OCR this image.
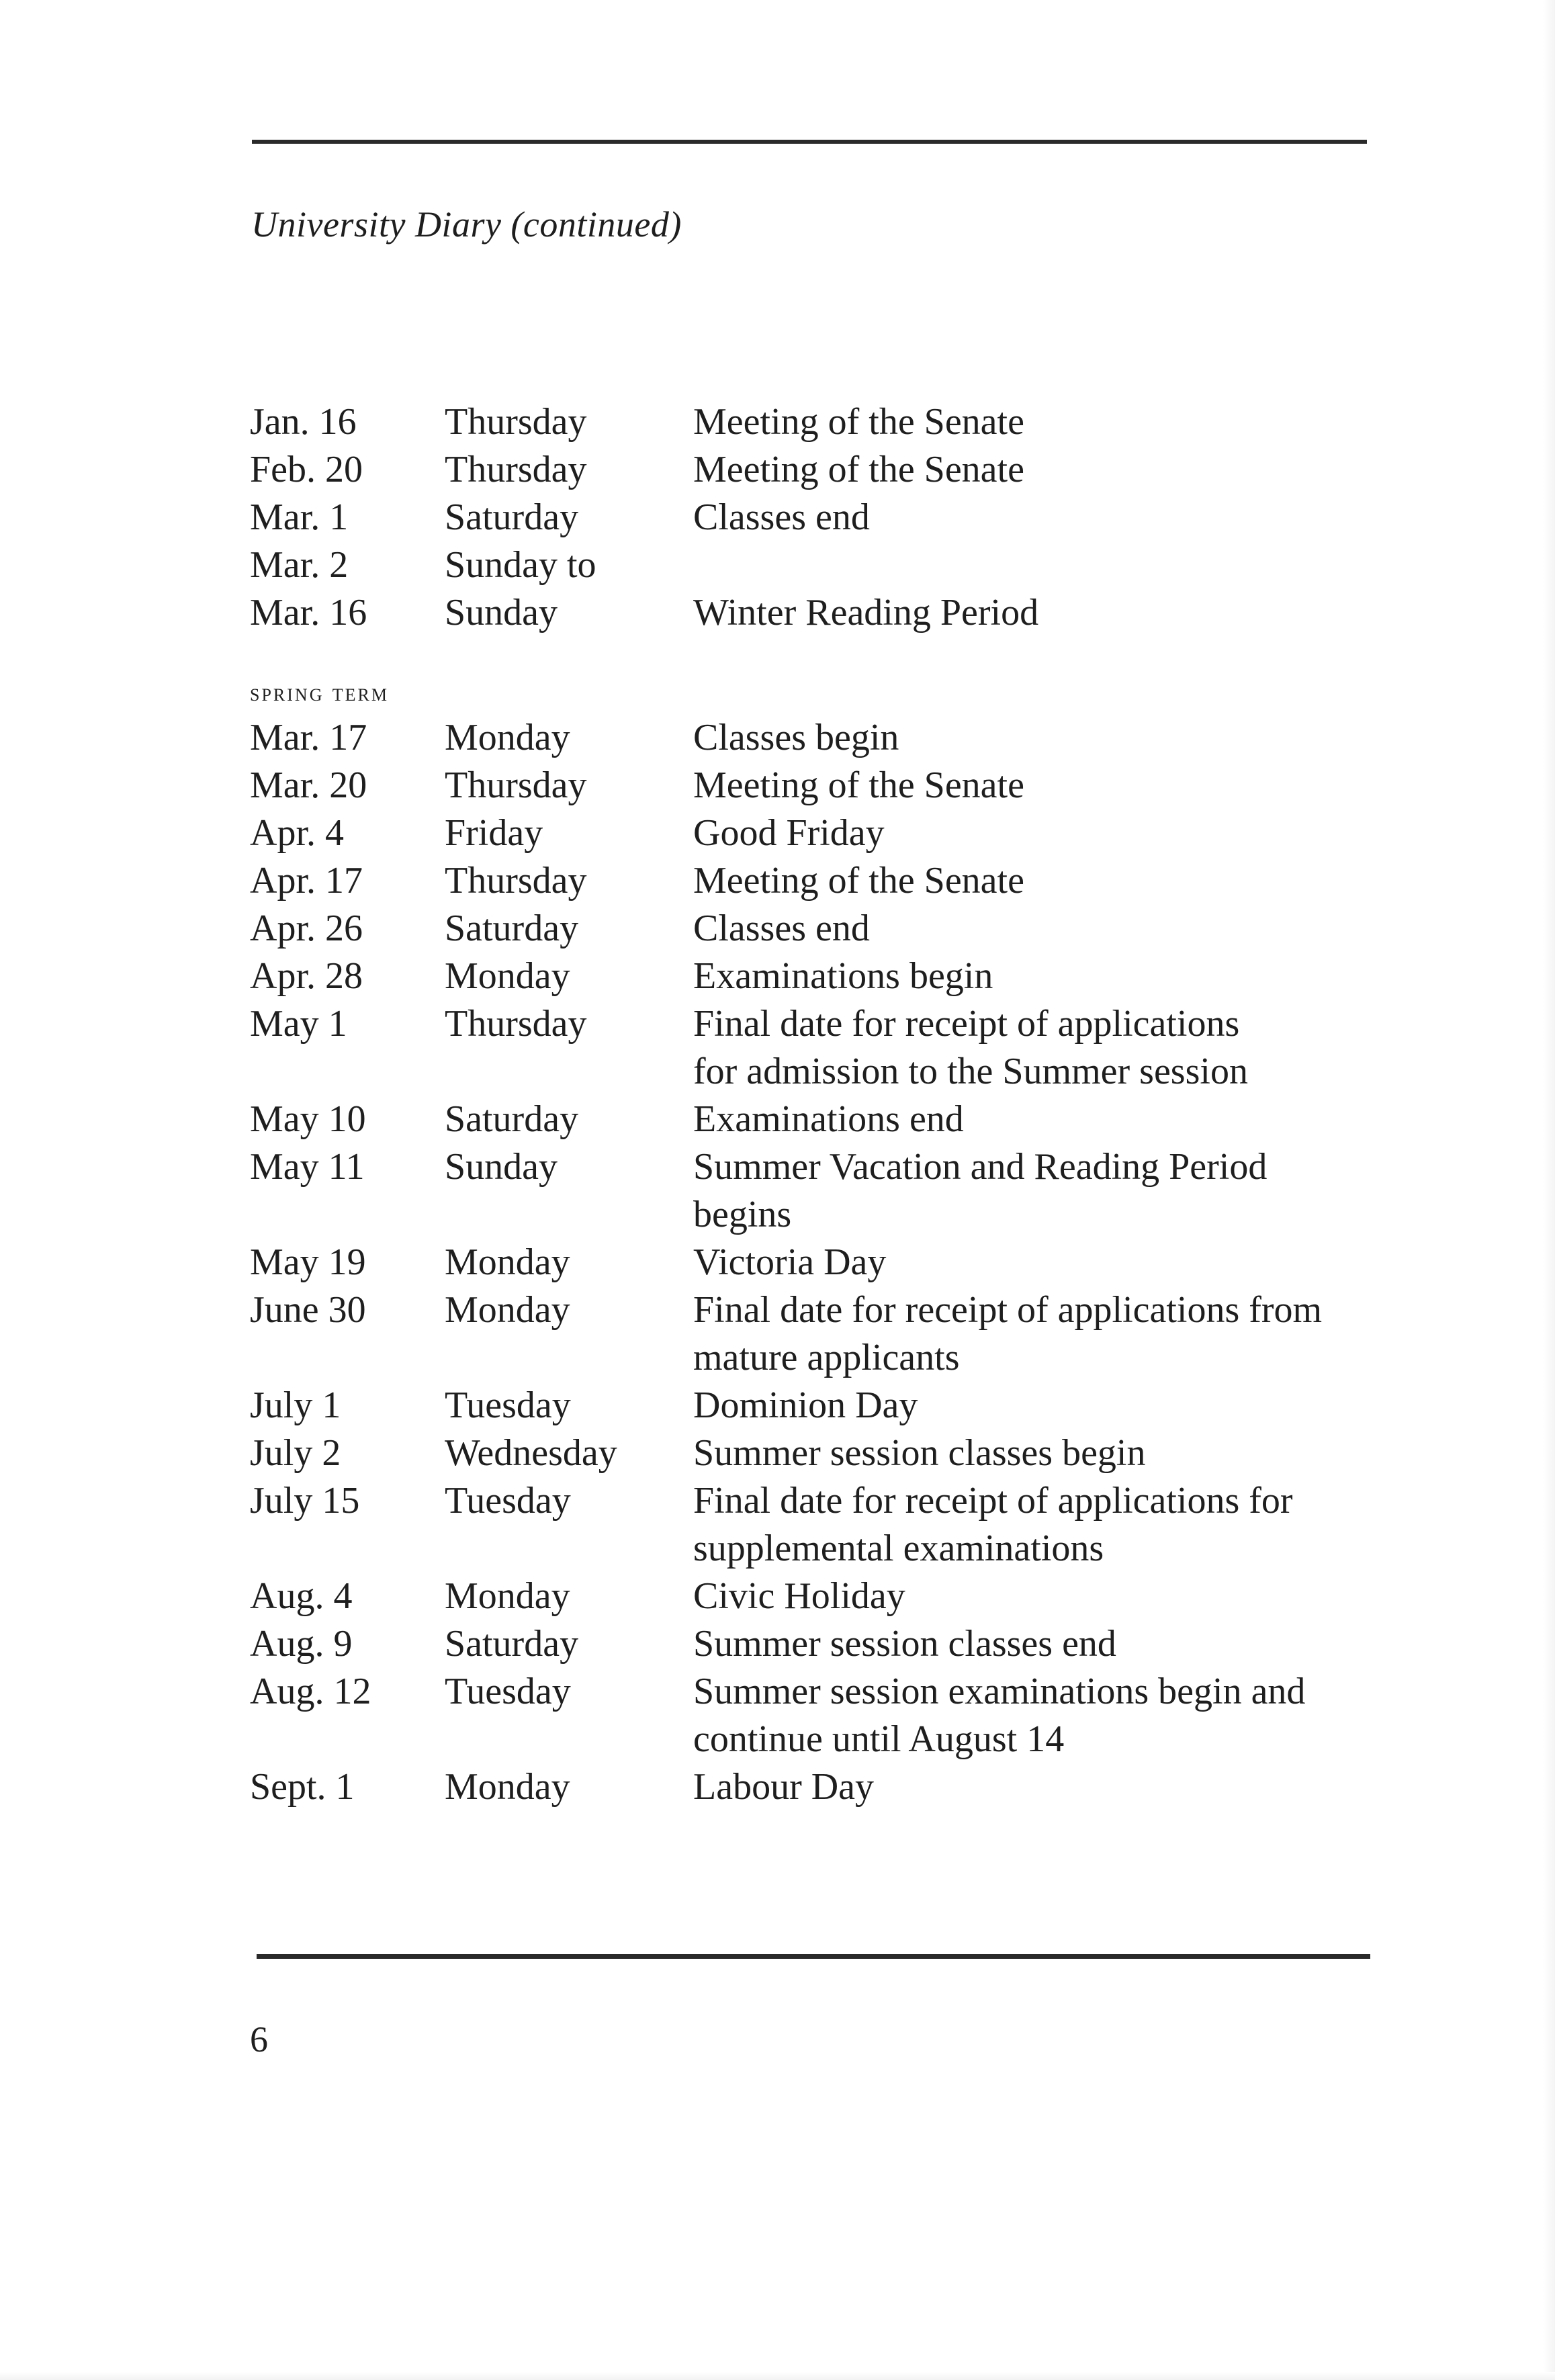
University Diary (continued)
Jan. 16 Thursday	Meeting of the Senate
Feb. 20 Thursday	Meeting of the Senate
Mar. 1	Saturday	Classes end
Mar. 2	Sunday to
Mar. 16 Sunday	Winter Reading Period
spring term
Mar. 17 Monday	Classes begin
Mar. 20 Thursday	Meeting of the Senate
Apr. 4	Friday	Good Friday
Apr. 17 Thursday	Meeting of the Senate
Apr. 26 Saturday	Classes end
Apr. 28 Monday	Examinations begin
May 1	Thursday	Final date for receipt of applications
for admission to the Summer session
May 10 Saturday	Examinations end
May 11 Sunday	Summer Vacation and Reading Period
begins
May 19 Monday	Victoria Day
June 30 Monday	Final date for receipt of applications from
mature applicants
July 1	Tuesday	Dominion Day
July 2	Wednesday Summer session classes begin
July 15 Tuesday	Final date for receipt of applications for
supplemental examinations
Aug. 4 Monday	Civic Holiday
Aug. 9 Saturday	Summer session classes end
Aug. 12 Tuesday	Summer session examinations begin and
continue until August 14
Sept. 1 Monday	Labour Day
6
